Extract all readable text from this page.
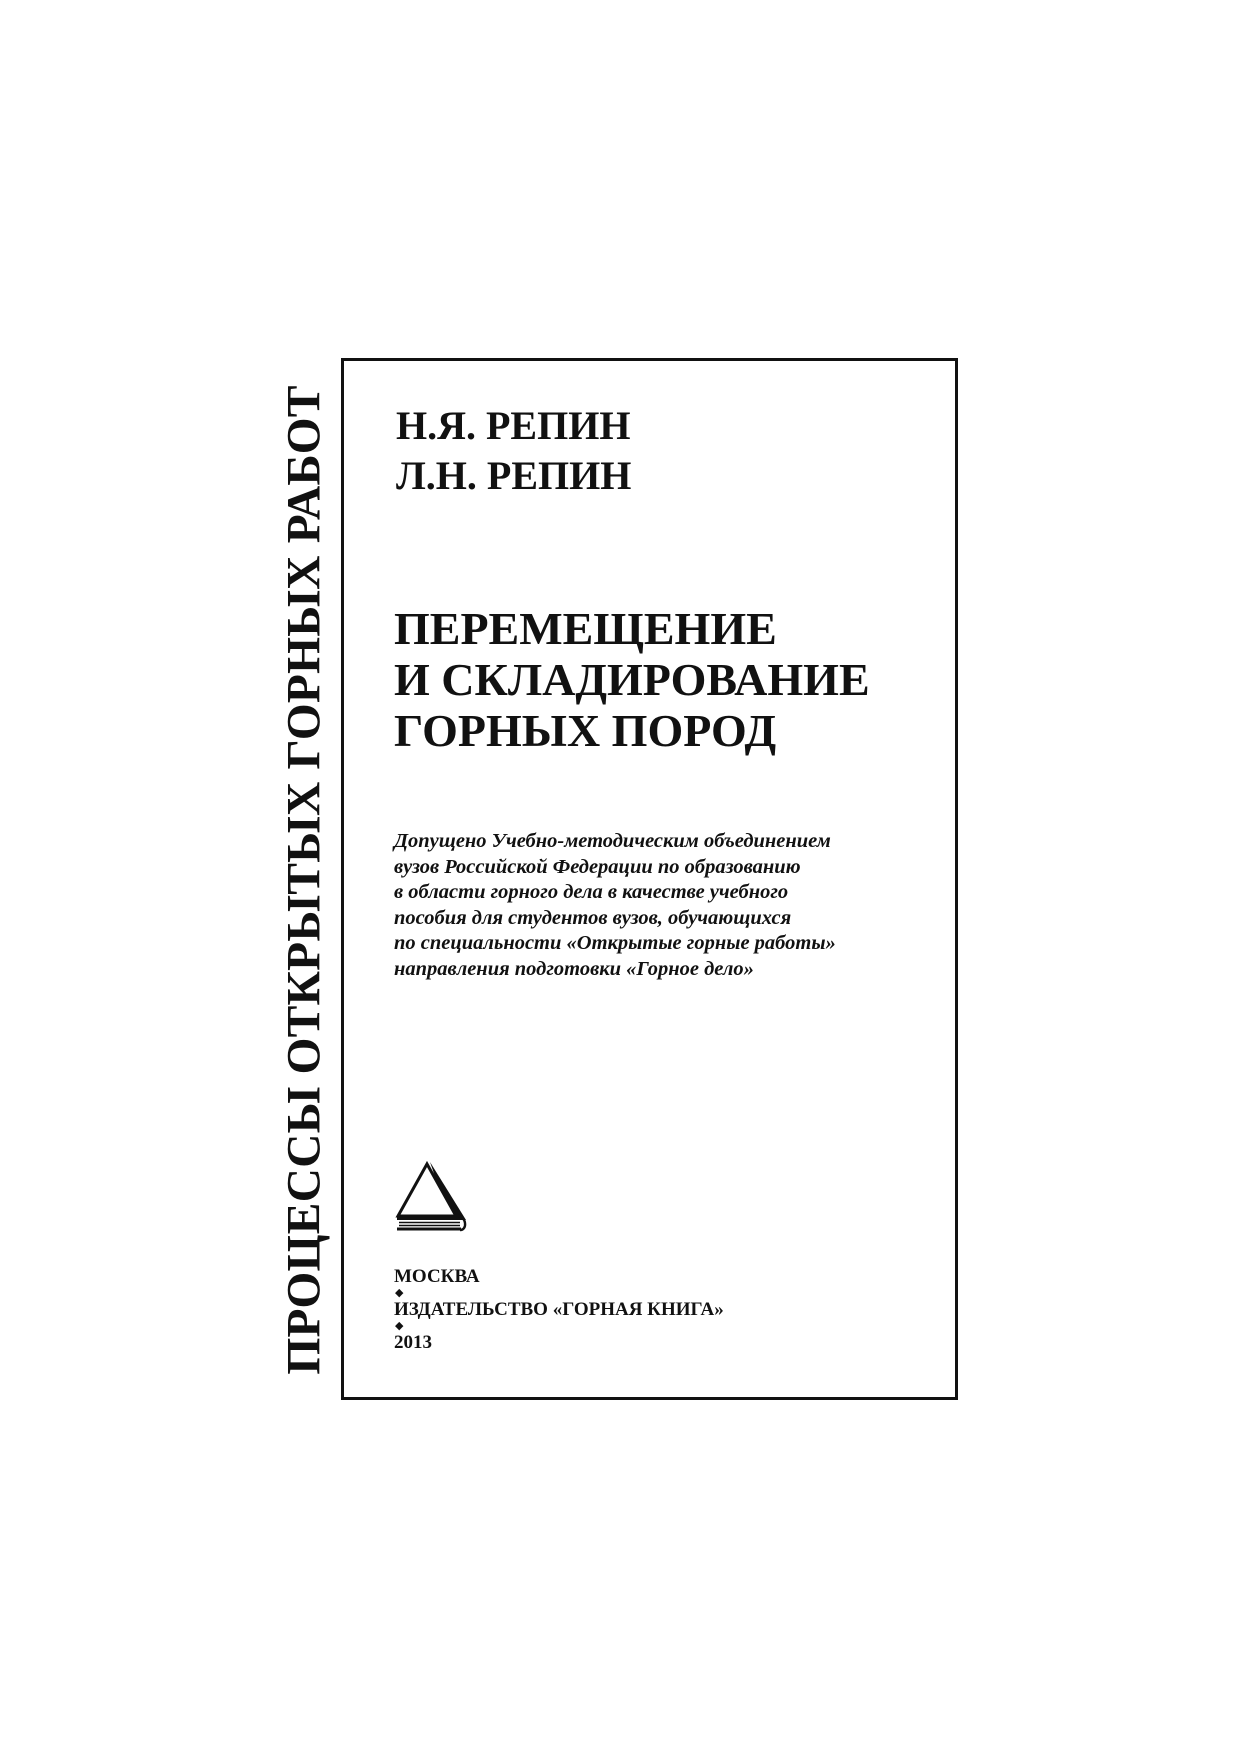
ПРОЦЕССЫ ОТКРЫТЫХ ГОРНЫХ РАБОТ Н.Я. РЕПИН
Л.Н. РЕПИН
ПЕРЕМЕЩЕНИЕ
И СКЛАДИРОВАНИЕ
ГОРНЫХ ПОРОД
Допущено Учебно-методическим объединением
вузов Российской Федерации по образованию
в области горного дела в качестве учебного
пособия для студентов вузов, обучающихся
по специальности «Открытые горные работы»
направления подготовки «Горное дело»
МОСКВА
◆
ИЗДАТЕЛЬСТВО «ГОРНАЯ КНИГА»
◆
2013
